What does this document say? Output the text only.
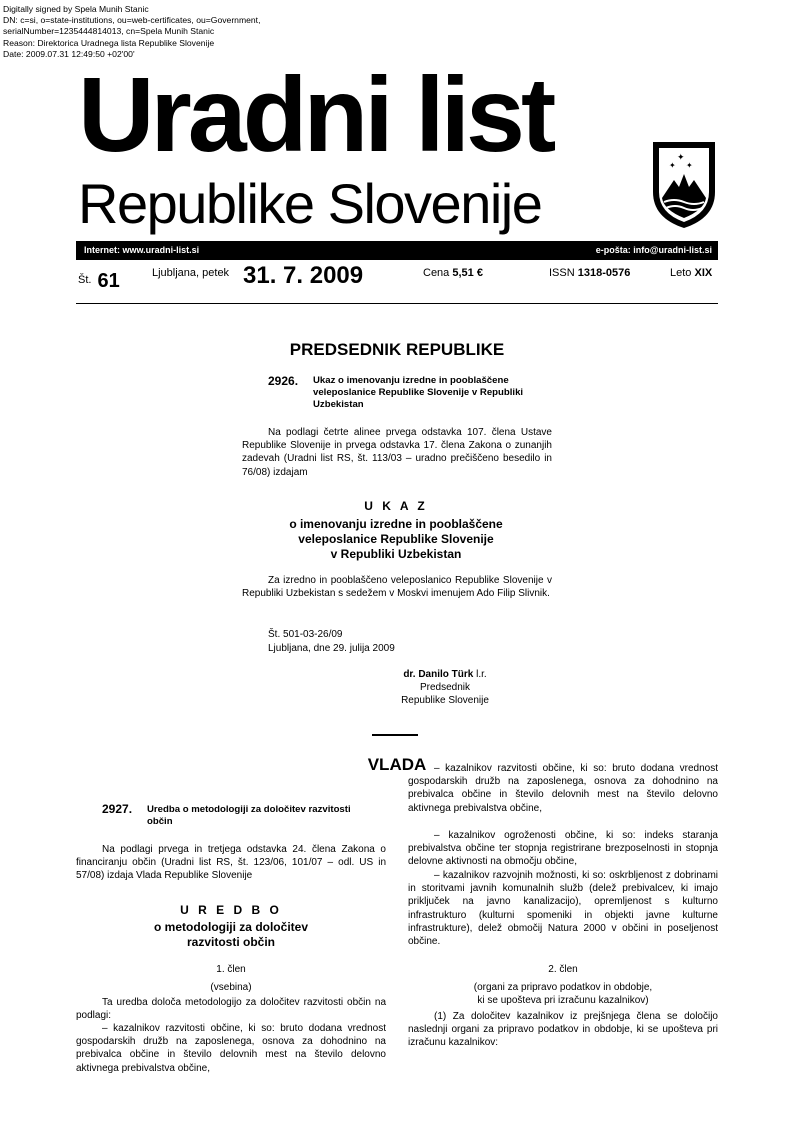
Digitally signed by Spela Munih Stanic
DN: c=si, o=state-institutions, ou=web-certificates, ou=Government,
serialNumber=1235444814013, cn=Spela Munih Stanic
Reason: Direktorica Uradnega lista Republike Slovenije
Date: 2009.07.31 12:49:50 +02'00'
Uradni list
Republike Slovenije
✦
✦ ✦
Internet: www.uradni-list.si	e-pošta: info@uradni-list.si
Št. 61	Ljubljana, petek 31. 7. 2009	Cena 5,51 €	ISSN 1318-0576	Leto XIX
PREDSEDNIK REPUBLIKE
2926. Ukaz o imenovanju izredne in pooblaščene veleposlanice Republike Slovenije v Republiki Uzbekistan
Na podlagi četrte alinee prvega odstavka 107. člena Ustave Republike Slovenije in prvega odstavka 17. člena Zakona o zunanjih zadevah (Uradni list RS, št. 113/03 – uradno prečiščeno besedilo in 76/08) izdajam
U K A Z
o imenovanju izredne in pooblaščene
veleposlanice Republike Slovenije
v Republiki Uzbekistan
Za izredno in pooblaščeno veleposlanico Republike Slovenije v Republiki Uzbekistan s sedežem v Moskvi imenujem Ado Filip Slivnik.
Št. 501-03-26/09
Ljubljana, dne 29. julija 2009
dr. Danilo Türk l.r.
Predsednik
Republike Slovenije
VLADA
2927. Uredba o metodologiji za določitev razvitosti občin
Na podlagi prvega in tretjega odstavka 24. člena Zakona o financiranju občin (Uradni list RS, št. 123/06, 101/07 – odl. US in 57/08) izdaja Vlada Republike Slovenije
U R E D B O
o metodologiji za določitev
razvitosti občin
1. člen
(vsebina)
Ta uredba določa metodologijo za določitev razvitosti občin na podlagi:
– kazalnikov razvitosti občine, ki so: bruto dodana vrednost gospodarskih družb na zaposlenega, osnova za dohodnino na prebivalca občine in število delovnih mest na število delovno aktivnega prebivalstva občine,
– kazalnikov razvitosti občine, ki so: bruto dodana vrednost gospodarskih družb na zaposlenega, osnova za dohodnino na prebivalca občine in število delovnih mest na število delovno aktivnega prebivalstva občine,
– kazalnikov ogroženosti občine, ki so: indeks staranja prebivalstva občine ter stopnja registrirane brezposelnosti in stopnja delovne aktivnosti na območju občine,
– kazalnikov razvojnih možnosti, ki so: oskrbljenost z dobrinami in storitvami javnih komunalnih služb (delež prebivalcev, ki imajo priključek na javno kanalizacijo), opremljenost s kulturno infrastrukturo (kulturni spomeniki in objekti javne kulturne infrastrukture), delež območij Natura 2000 v občini in poseljenost občine.
2. člen
(organi za pripravo podatkov in obdobje,
ki se upošteva pri izračunu kazalnikov)
(1) Za določitev kazalnikov iz prejšnjega člena se določijo naslednji organi za pripravo podatkov in obdobje, ki se upošteva pri izračunu kazalnikov:
